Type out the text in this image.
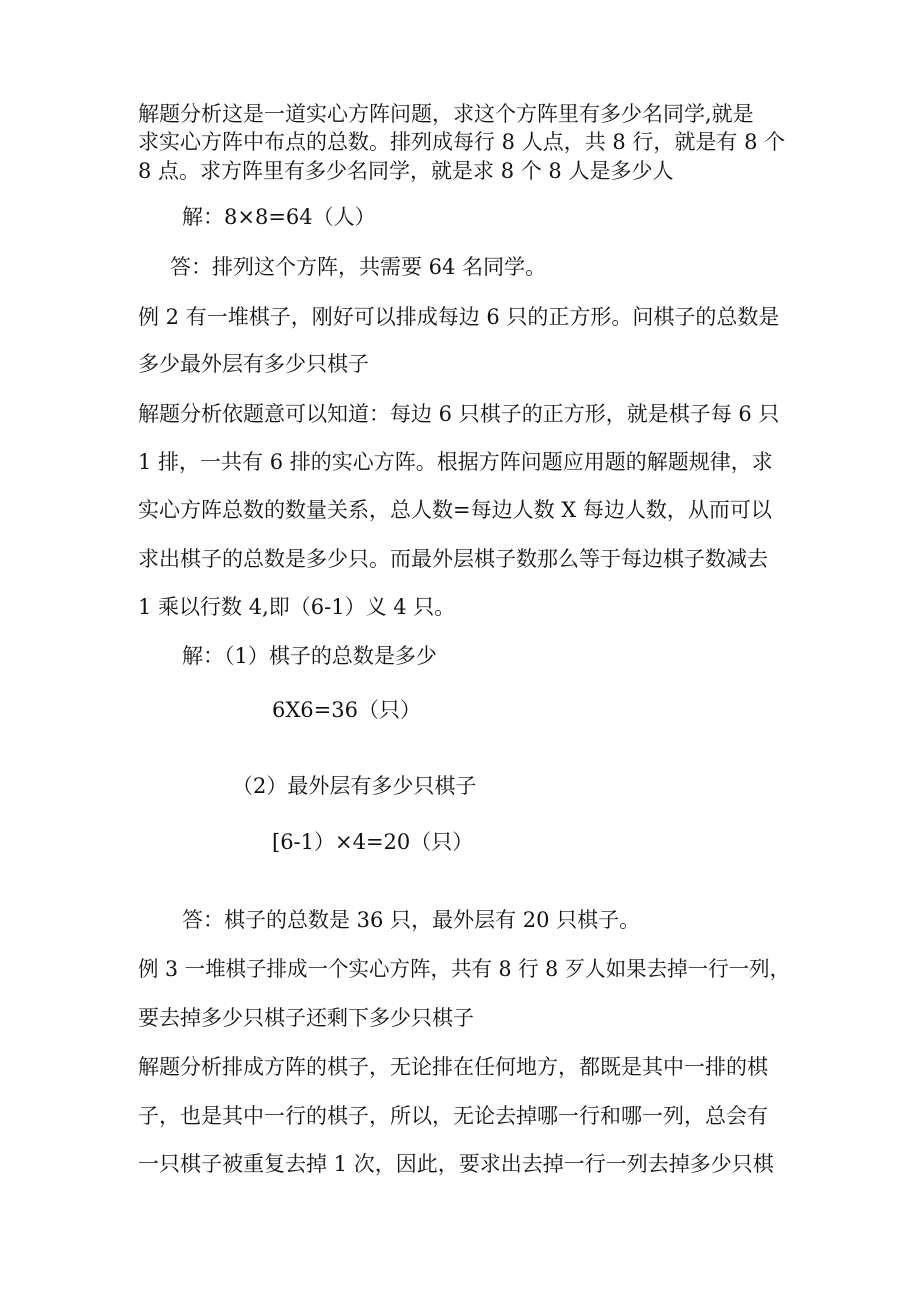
解题分析这是一道实心方阵问题，求这个方阵里有多少名同学,就是

求实心方阵中布点的总数。排列成每行 8 人点，共 8 行，就是有 8 个

8 点。求方阵里有多少名同学，就是求 8 个 8 人是多少人

解：8×8=64（人）

答：排列这个方阵，共需要 64 名同学。

例 2 有一堆棋子，刚好可以排成每边 6 只的正方形。问棋子的总数是

多少最外层有多少只棋子

解题分析依题意可以知道：每边 6 只棋子的正方形，就是棋子每 6 只

1 排，一共有 6 排的实心方阵。根据方阵问题应用题的解题规律，求

实心方阵总数的数量关系，总人数=每边人数 X 每边人数，从而可以

求出棋子的总数是多少只。而最外层棋子数那么等于每边棋子数减去

1 乘以行数 4,即（6-1）义 4 只。

解：（1）棋子的总数是多少

6X6=36（只）

（2）最外层有多少只棋子

[6-1）×4=20（只）

答：棋子的总数是 36 只，最外层有 20 只棋子。

例 3 一堆棋子排成一个实心方阵，共有 8 行 8 歹人如果去掉一行一列，

要去掉多少只棋子还剩下多少只棋子

解题分析排成方阵的棋子，无论排在任何地方，都既是其中一排的棋

子，也是其中一行的棋子，所以，无论去掉哪一行和哪一列，总会有

一只棋子被重复去掉 1 次，因此，要求出去掉一行一列去掉多少只棋
